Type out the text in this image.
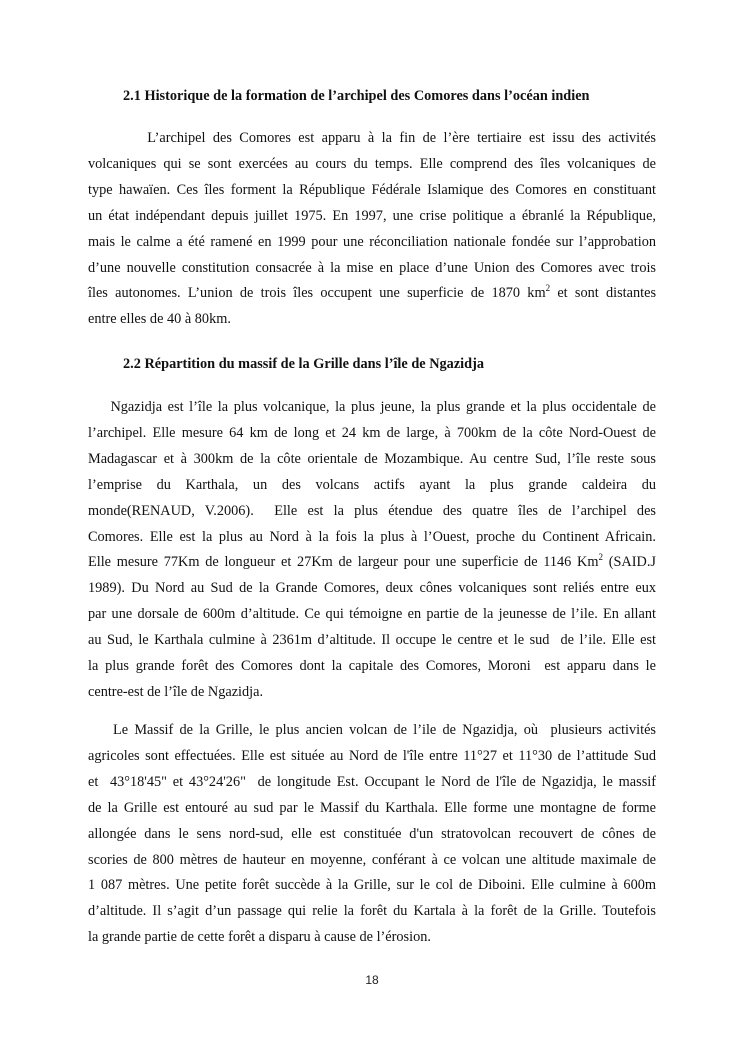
2.1 Historique de la formation de l’archipel des Comores dans l’océan indien
L’archipel des Comores est apparu à la fin de l’ère tertiaire est issu des activités volcaniques qui se sont exercées au cours du temps. Elle comprend des îles volcaniques de type hawaïen. Ces îles forment la République Fédérale Islamique des Comores en constituant un état indépendant depuis juillet 1975. En 1997, une crise politique a ébranlé la République, mais le calme a été ramené en 1999 pour une réconciliation nationale fondée sur l’approbation d’une nouvelle constitution consacrée à la mise en place d’une Union des Comores avec trois îles autonomes. L’union de trois îles occupent une superficie de 1870 $km^2$ et sont distantes entre elles de 40 à 80km.
2.2 Répartition du massif de la Grille dans l’île de Ngazidja
Ngazidja est l’île la plus volcanique, la plus jeune, la plus grande et la plus occidentale de l’archipel. Elle mesure 64 km de long et 24 km de large, à 700km de la côte Nord-Ouest de Madagascar et à 300km de la côte orientale de Mozambique. Au centre Sud, l’île reste sous l’emprise du Karthala, un des volcans actifs ayant la plus grande caldeira du monde(RENAUD, V.2006).  Elle est la plus étendue des quatre îles de l’archipel des Comores. Elle est la plus au Nord à la fois la plus à l’Ouest, proche du Continent Africain. Elle mesure 77Km de longueur et 27Km de largeur pour une superficie de 1146 Km$^2$ (SAID.J 1989). Du Nord au Sud de la Grande Comores, deux cônes volcaniques sont reliés entre eux par une dorsale de 600m d’altitude. Ce qui témoigne en partie de la jeunesse de l’ile. En allant au Sud, le Karthala culmine à 2361m d’altitude. Il occupe le centre et le sud  de l’ile. Elle est la plus grande forêt des Comores dont la capitale des Comores, Moroni  est apparu dans le centre-est de l’île de Ngazidja.
Le Massif de la Grille, le plus ancien volcan de l’ile de Ngazidja, où  plusieurs activités agricoles sont effectuées. Elle est située au Nord de l'île entre 11°27 et 11°30 de l’attitude Sud et  43°18'45" et 43°24'26"  de longitude Est. Occupant le Nord de l'île de Ngazidja, le massif de la Grille est entouré au sud par le Massif du Karthala. Elle forme une montagne de forme allongée dans le sens nord-sud, elle est constituée d'un stratovolcan recouvert de cônes de scories de 800 mètres de hauteur en moyenne, conférant à ce volcan une altitude maximale de 1 087 mètres. Une petite forêt succède à la Grille, sur le col de Diboini. Elle culmine à 600m d’altitude. Il s’agit d’un passage qui relie la forêt du Kartala à la forêt de la Grille. Toutefois la grande partie de cette forêt a disparu à cause de l’érosion.
18
